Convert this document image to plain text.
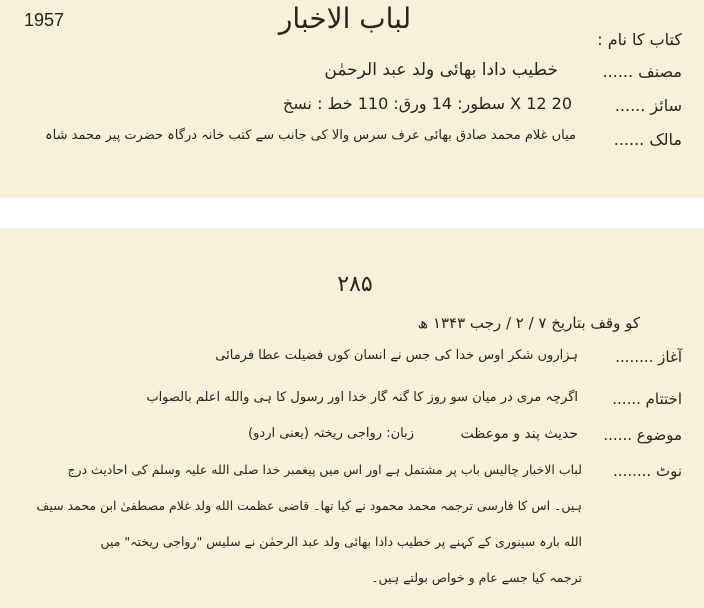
1957	لباب الاخبار
کتاب کا نام :
مصنف ......
خطیب دادا بھائی ولد عبد الرحمٰن
سائز ......
20 X 12 سطور: 14 ورق: 110 خط : نسخ
مالک ......
میاں غلام محمد صادق بھائی عرف سرس والا کی جانب سے کتب خانہ درگاہ حضرت پیر محمد شاہ
۲۸۵
کو وقف بتاریخ ۷ / ۲ / رجب ۱۳۴۳ ھ
آغاز ........
ہزاروں شکر اوس خدا کی جس نے انسان کوں فضیلت عطا فرمائی
اختتام ......
اگرچہ مری در میان سو روز کا گنہ گار خدا اور رسول کا ہی والله اعلم بالصواب
موضوع ......
حدیث پند و موعظت
زبان: رواجی ریختہ (یعنی اردو)
نوٹ ........
لباب الاخبار چالیس باب پر مشتمل ہے اور اس میں پیغمبر خدا صلی الله علیہ وسلم کی احادیث درج
ہیں۔ اس کا فارسی ترجمہ محمد محمود نے کیا تھا۔ قاضی عظمت الله ولد غلام مصطفیٰ ابن محمد سیف
الله بارہ سینوری کے کہنے پر خطیب دادا بھائی ولد عبد الرحمٰن نے سلیس "رواجی ریختہ" میں
ترجمہ کیا جسے عام و خواص بولتے ہیں۔
